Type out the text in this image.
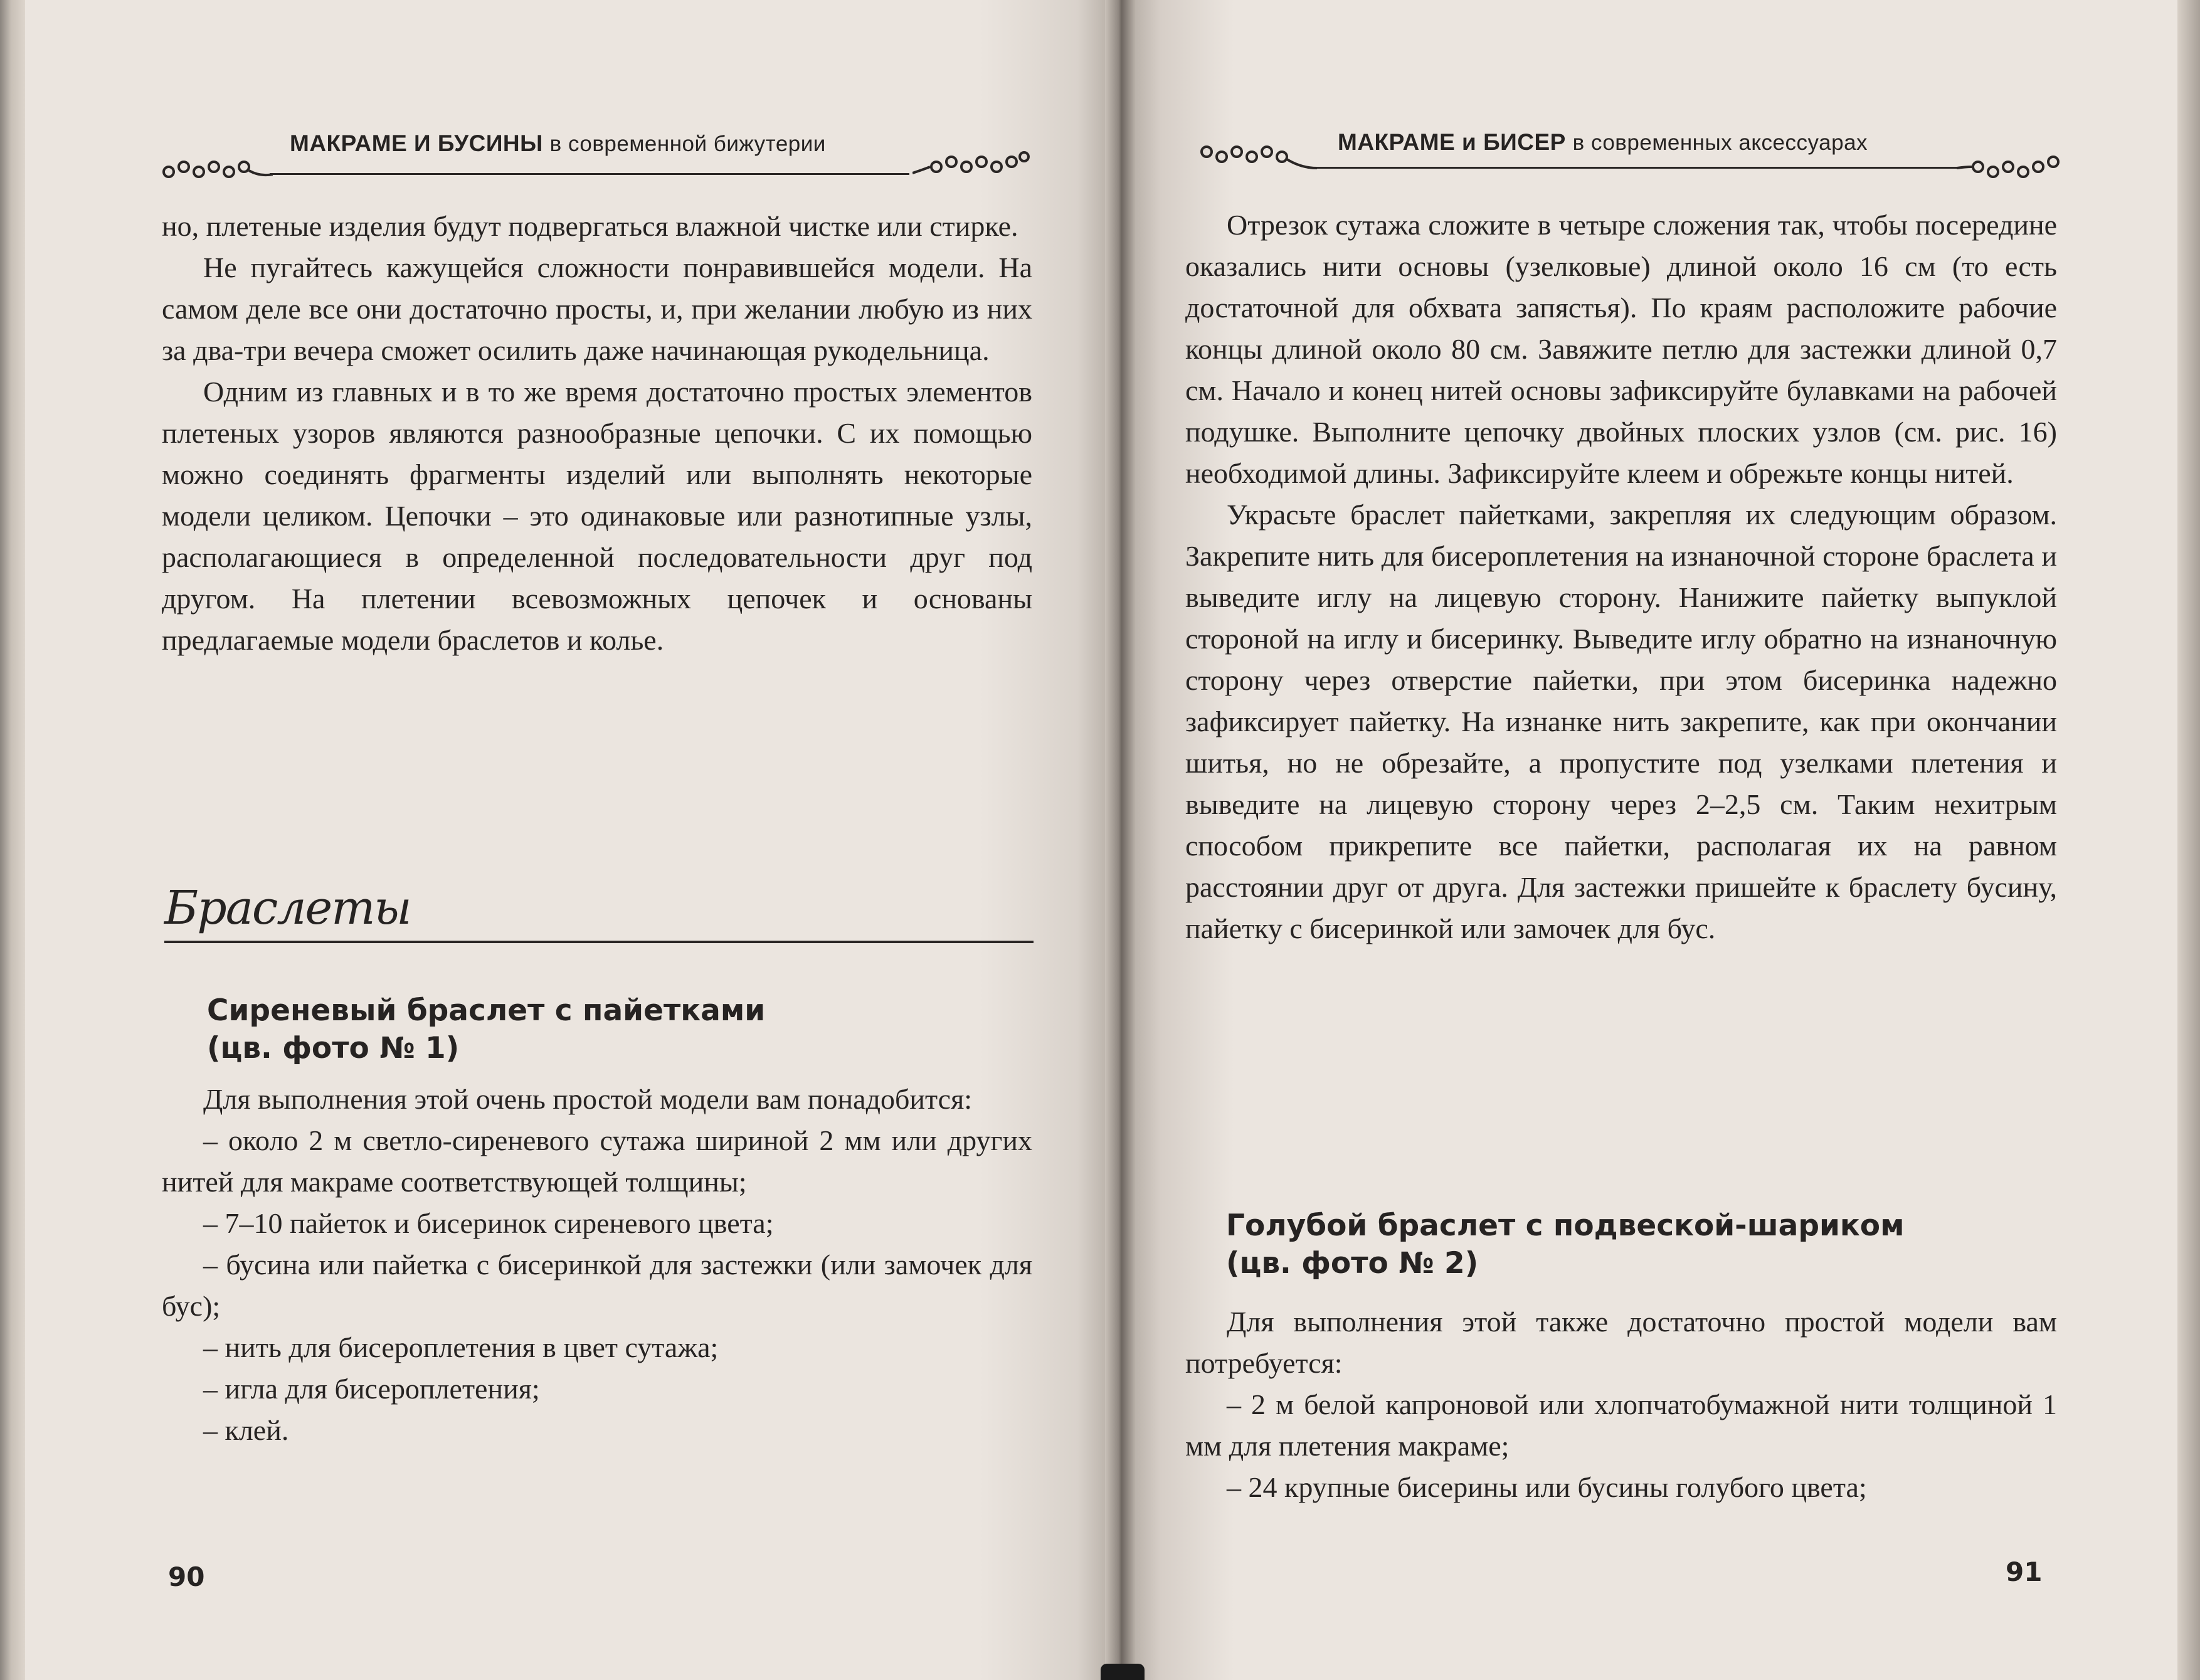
МАКРАМЕ И БУСИНЫ в современной бижутерии

но, плетеные изделия будут подвергаться влажной чистке или стирке.

Не пугайтесь кажущейся сложности понравившейся модели. На самом деле все они достаточно просты, и, при желании любую из них за два-три вечера сможет осилить даже начинающая рукодельница.

Одним из главных и в то же время достаточно простых элементов плетеных узоров являются разнообразные цепочки. С их помощью можно соединять фрагменты изделий или выполнять некоторые модели целиком. Цепочки – это одинаковые или разнотипные узлы, располагающиеся в определенной последовательности друг под другом. На плетении всевозможных цепочек и основаны предлагаемые модели браслетов и колье.

Браслеты
Сиреневый браслет с пайетками
(цв. фото № 1)

Для выполнения этой очень простой модели вам понадобится:

– около 2 м светло-сиреневого сутажа шириной 2 мм или других нитей для макраме соответствующей толщины;

– 7–10 пайеток и бисеринок сиреневого цвета;

– бусина или пайетка с бисеринкой для застежки (или замочек для бус);

– нить для бисероплетения в цвет сутажа;

– игла для бисероплетения;

– клей.

90
МАКРАМЕ и БИСЕР в современных аксессуарах

Отрезок сутажа сложите в четыре сложения так, чтобы посередине оказались нити основы (узелковые) длиной около 16 см (то есть достаточной для обхвата запястья). По краям расположите рабочие концы длиной около 80 см. Завяжите петлю для застежки длиной 0,7 см. Начало и конец нитей основы зафиксируйте булавками на рабочей подушке. Выполните цепочку двойных плоских узлов (см. рис. 16) необходимой длины. Зафиксируйте клеем и обрежьте концы нитей.

Украсьте браслет пайетками, закрепляя их следующим образом. Закрепите нить для бисероплетения на изнаночной стороне браслета и выведите иглу на лицевую сторону. Нанижите пайетку выпуклой стороной на иглу и бисеринку. Выведите иглу обратно на изнаночную сторону через отверстие пайетки, при этом бисеринка надежно зафиксирует пайетку. На изнанке нить закрепите, как при окончании шитья, но не обрезайте, а пропустите под узелками плетения и выведите на лицевую сторону через 2–2,5 см. Таким нехитрым способом прикрепите все пайетки, располагая их на равном расстоянии друг от друга. Для застежки пришейте к браслету бусину, пайетку с бисеринкой или замочек для бус.

Голубой браслет с подвеской-шариком
(цв. фото № 2)

Для выполнения этой также достаточно простой модели вам потребуется:

– 2 м белой капроновой или хлопчатобумажной нити толщиной 1 мм для плетения макраме;

– 24 крупные бисерины или бусины голубого цвета;

91
